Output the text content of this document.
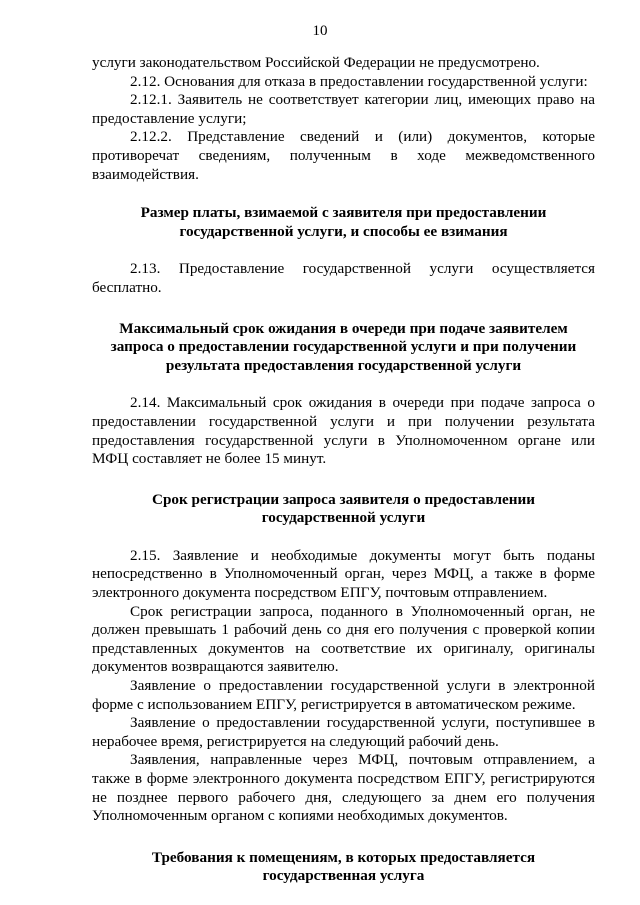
10

услуги законодательством Российской Федерации не предусмотрено.

2.12. Основания для отказа в предоставлении государственной услуги:

2.12.1. Заявитель не соответствует категории лиц, имеющих право на предоставление услуги;

2.12.2. Представление сведений и (или) документов, которые противоречат сведениям, полученным в ходе межведомственного взаимодействия.

Размер платы, взимаемой с заявителя при предоставлении государственной услуги, и способы ее взимания

2.13. Предоставление государственной услуги осуществляется бесплатно.

Максимальный срок ожидания в очереди при подаче заявителем запроса о предоставлении государственной услуги и при получении результата предоставления государственной услуги

2.14. Максимальный срок ожидания в очереди при подаче запроса о предоставлении государственной услуги и при получении результата предоставления государственной услуги в Уполномоченном органе или МФЦ составляет не более 15 минут.

Срок регистрации запроса заявителя о предоставлении государственной услуги

2.15. Заявление и необходимые документы могут быть поданы непосредственно в Уполномоченный орган, через МФЦ, а также в форме электронного документа посредством ЕПГУ, почтовым отправлением.

Срок регистрации запроса, поданного в Уполномоченный орган, не должен превышать 1 рабочий день со дня его получения с проверкой копии представленных документов на соответствие их оригиналу, оригиналы документов возвращаются заявителю.

Заявление о предоставлении государственной услуги в электронной форме с использованием ЕПГУ, регистрируется в автоматическом режиме.

Заявление о предоставлении государственной услуги, поступившее в нерабочее время, регистрируется на следующий рабочий день.

Заявления, направленные через МФЦ, почтовым отправлением, а также в форме электронного документа посредством ЕПГУ, регистрируются не позднее первого рабочего дня, следующего за днем его получения Уполномоченным органом с копиями необходимых документов.

Требования к помещениям, в которых предоставляется государственная услуга
